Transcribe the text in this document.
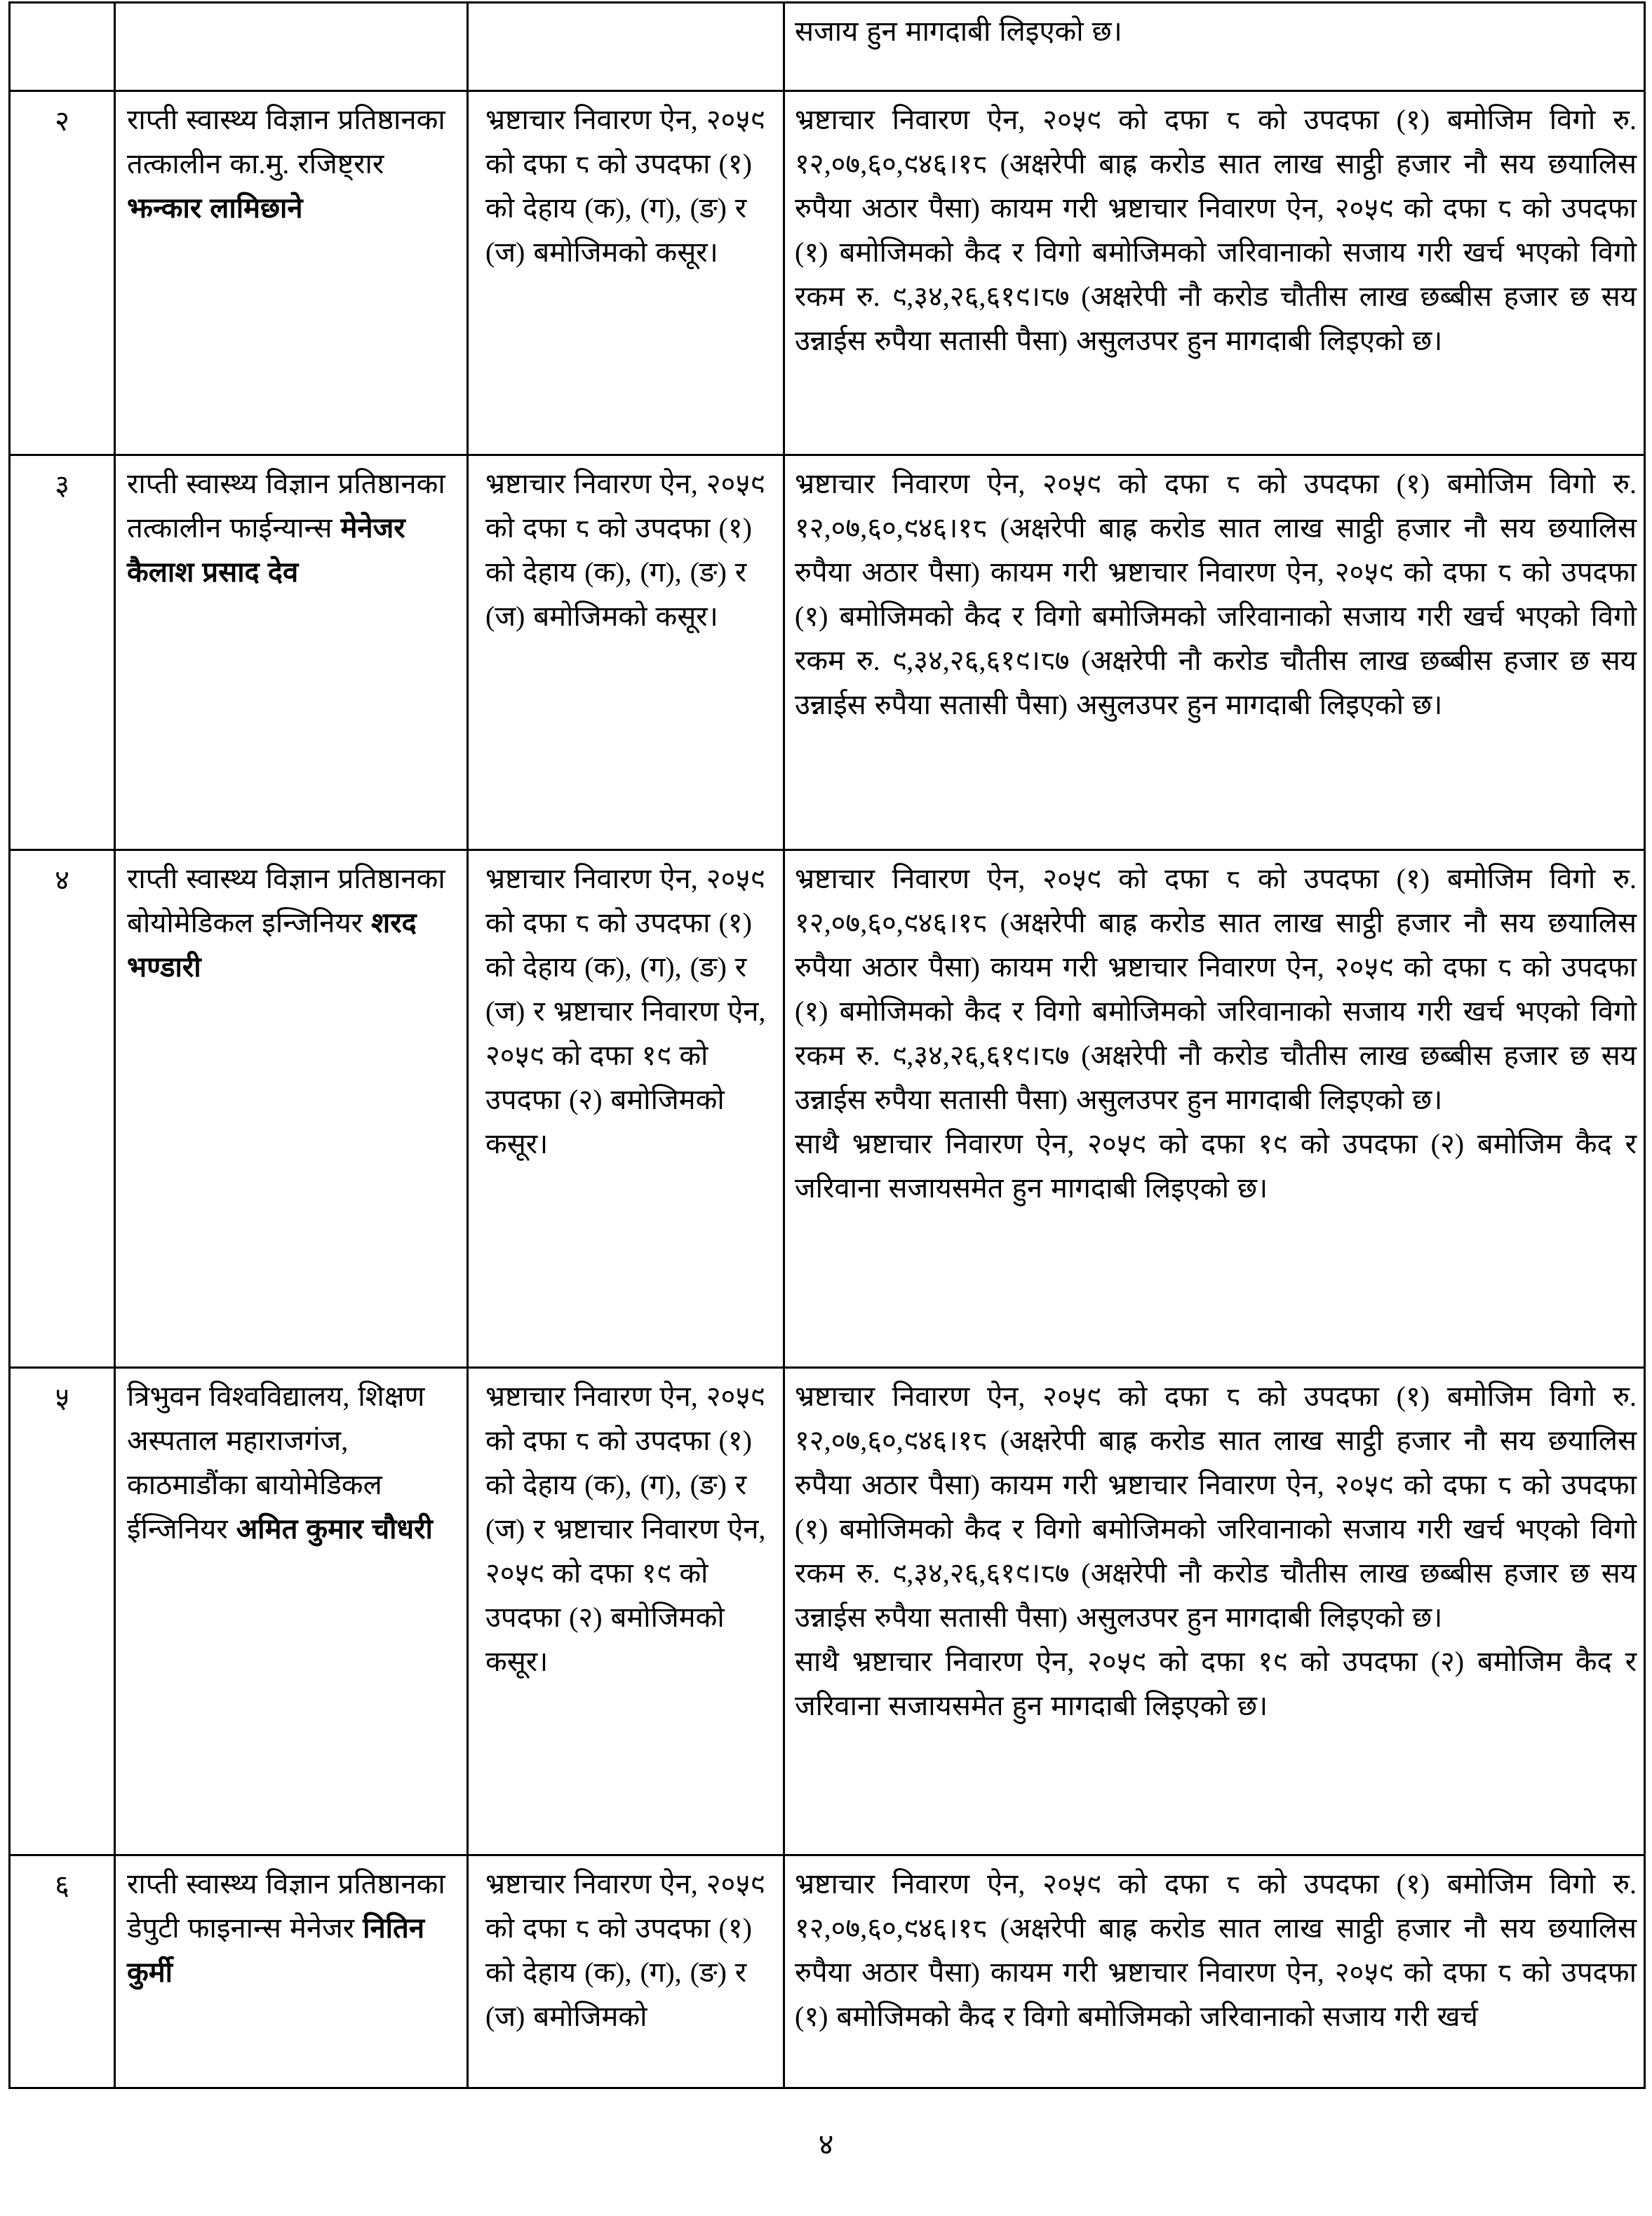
			सजाय हुन मागदाबी लिइएको छ।

२	राप्ती स्वास्थ्य विज्ञान प्रतिष्ठानका तत्कालीन का.मु. रजिष्ट्रार झन्कार लामिछाने	भ्रष्टाचार निवारण ऐन, २०५९ को दफा ८ को उपदफा (१) को देहाय (क), (ग), (ङ) र (ज) बमोजिमको कसूर।	भ्रष्टाचार निवारण ऐन, २०५९ को दफा ८ को उपदफा (१) बमोजिम विगो रु. १२,०७,६०,९४६।१८ (अक्षरेपी बाह्र करोड सात लाख साट्ठी हजार नौ सय छयालिस रुपैया अठार पैसा) कायम गरी भ्रष्टाचार निवारण ऐन, २०५९ को दफा ८ को उपदफा (१) बमोजिमको कैद र विगो बमोजिमको जरिवानाको सजाय गरी खर्च भएको विगो रकम रु. ९,३४,२६,६१९।८७ (अक्षरेपी नौ करोड चौतीस लाख छब्बीस हजार छ सय उन्नाईस रुपैया सतासी पैसा) असुलउपर हुन मागदाबी लिइएको छ।

३	राप्ती स्वास्थ्य विज्ञान प्रतिष्ठानका तत्कालीन फाईन्यान्स मेनेजर कैलाश प्रसाद देव	भ्रष्टाचार निवारण ऐन, २०५९ को दफा ८ को उपदफा (१) को देहाय (क), (ग), (ङ) र (ज) बमोजिमको कसूर।	भ्रष्टाचार निवारण ऐन, २०५९ को दफा ८ को उपदफा (१) बमोजिम विगो रु. १२,०७,६०,९४६।१८ (अक्षरेपी बाह्र करोड सात लाख साट्ठी हजार नौ सय छयालिस रुपैया अठार पैसा) कायम गरी भ्रष्टाचार निवारण ऐन, २०५९ को दफा ८ को उपदफा (१) बमोजिमको कैद र विगो बमोजिमको जरिवानाको सजाय गरी खर्च भएको विगो रकम रु. ९,३४,२६,६१९।८७ (अक्षरेपी नौ करोड चौतीस लाख छब्बीस हजार छ सय उन्नाईस रुपैया सतासी पैसा) असुलउपर हुन मागदाबी लिइएको छ।

४	राप्ती स्वास्थ्य विज्ञान प्रतिष्ठानका बोयोमेडिकल इन्जिनियर शरद भण्डारी	भ्रष्टाचार निवारण ऐन, २०५९ को दफा ८ को उपदफा (१) को देहाय (क), (ग), (ङ) र (ज) र भ्रष्टाचार निवारण ऐन, २०५९ को दफा १९ को उपदफा (२) बमोजिमको कसूर।	भ्रष्टाचार निवारण ऐन, २०५९ को दफा ८ को उपदफा (१) बमोजिम विगो रु. १२,०७,६०,९४६।१८ (अक्षरेपी बाह्र करोड सात लाख साट्ठी हजार नौ सय छयालिस रुपैया अठार पैसा) कायम गरी भ्रष्टाचार निवारण ऐन, २०५९ को दफा ८ को उपदफा (१) बमोजिमको कैद र विगो बमोजिमको जरिवानाको सजाय गरी खर्च भएको विगो रकम रु. ९,३४,२६,६१९।८७ (अक्षरेपी नौ करोड चौतीस लाख छब्बीस हजार छ सय उन्नाईस रुपैया सतासी पैसा) असुलउपर हुन मागदाबी लिइएको छ।

साथै भ्रष्टाचार निवारण ऐन, २०५९ को दफा १९ को उपदफा (२) बमोजिम कैद र जरिवाना सजायसमेत हुन मागदाबी लिइएको छ।

५	त्रिभुवन विश्वविद्यालय, शिक्षण अस्पताल महाराजगंज, काठमाडौंका बायोमेडिकल ईन्जिनियर अमित कुमार चौधरी	भ्रष्टाचार निवारण ऐन, २०५९ को दफा ८ को उपदफा (१) को देहाय (क), (ग), (ङ) र (ज) र भ्रष्टाचार निवारण ऐन, २०५९ को दफा १९ को उपदफा (२) बमोजिमको कसूर।	भ्रष्टाचार निवारण ऐन, २०५९ को दफा ८ को उपदफा (१) बमोजिम विगो रु. १२,०७,६०,९४६।१८ (अक्षरेपी बाह्र करोड सात लाख साट्ठी हजार नौ सय छयालिस रुपैया अठार पैसा) कायम गरी भ्रष्टाचार निवारण ऐन, २०५९ को दफा ८ को उपदफा (१) बमोजिमको कैद र विगो बमोजिमको जरिवानाको सजाय गरी खर्च भएको विगो रकम रु. ९,३४,२६,६१९।८७ (अक्षरेपी नौ करोड चौतीस लाख छब्बीस हजार छ सय उन्नाईस रुपैया सतासी पैसा) असुलउपर हुन मागदाबी लिइएको छ।

साथै भ्रष्टाचार निवारण ऐन, २०५९ को दफा १९ को उपदफा (२) बमोजिम कैद र जरिवाना सजायसमेत हुन मागदाबी लिइएको छ।

६	राप्ती स्वास्थ्य विज्ञान प्रतिष्ठानका डेपुटी फाइनान्स मेनेजर नितिन कुर्मी	भ्रष्टाचार निवारण ऐन, २०५९ को दफा ८ को उपदफा (१) को देहाय (क), (ग), (ङ) र (ज) बमोजिमको	भ्रष्टाचार निवारण ऐन, २०५९ को दफा ८ को उपदफा (१) बमोजिम विगो रु. १२,०७,६०,९४६।१८ (अक्षरेपी बाह्र करोड सात लाख साट्ठी हजार नौ सय छयालिस रुपैया अठार पैसा) कायम गरी भ्रष्टाचार निवारण ऐन, २०५९ को दफा ८ को उपदफा (१) बमोजिमको कैद र विगो बमोजिमको जरिवानाको सजाय गरी खर्च

४
